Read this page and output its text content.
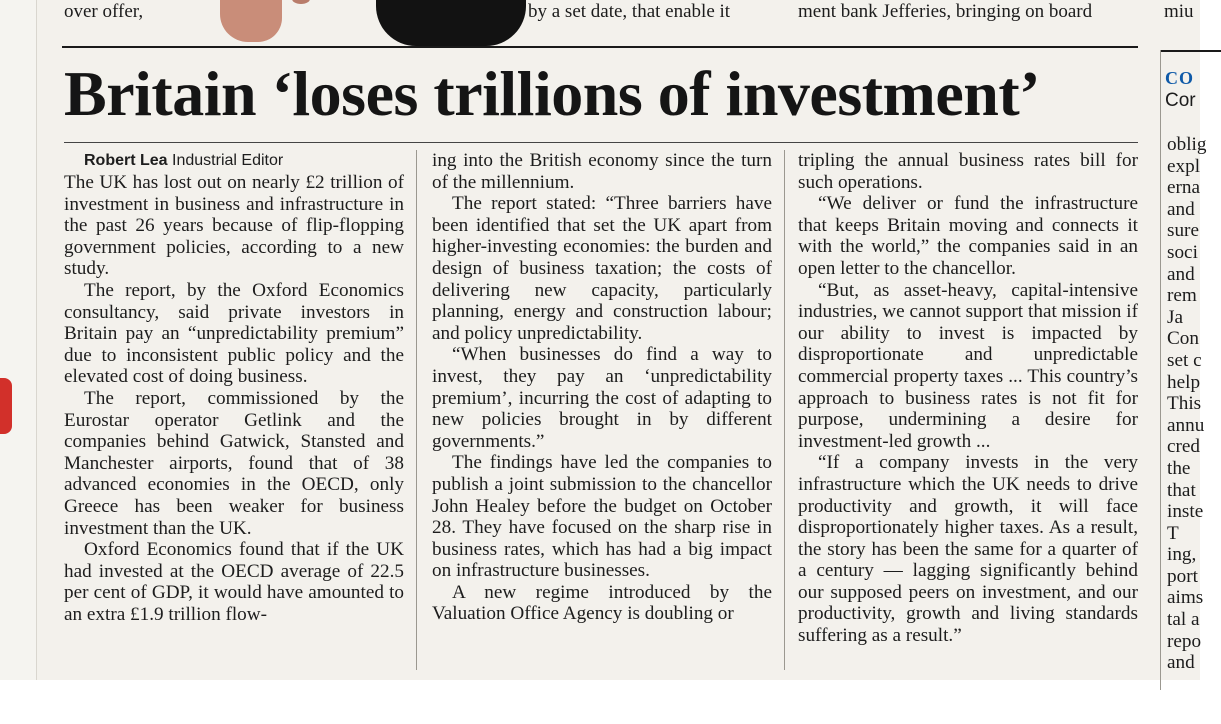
over offer,	by a set date, that enable it	ment bank Jefferies, bringing on board	miu
Britain ‘loses trillions of investment’

Robert Lea Industrial Editor

The UK has lost out on nearly £2 trillion of investment in business and infrastructure in the past 26 years because of flip-flopping government policies, according to a new study.

The report, by the Oxford Economics consultancy, said private investors in Britain pay an “unpredictability premium” due to inconsistent public policy and the elevated cost of doing business.

The report, commissioned by the Eurostar operator Getlink and the companies behind Gatwick, Stansted and Manchester airports, found that of 38 advanced economies in the OECD, only Greece has been weaker for business investment than the UK.

Oxford Economics found that if the UK had invested at the OECD average of 22.5 per cent of GDP, it would have amounted to an extra £1.9 trillion flow-

ing into the British economy since the turn of the millennium.

The report stated: “Three barriers have been identified that set the UK apart from higher-investing economies: the burden and design of business taxation; the costs of delivering new capacity, particularly planning, energy and construction labour; and policy unpredictability.

“When businesses do find a way to invest, they pay an ‘unpredictability premium’, incurring the cost of adapting to new policies brought in by different governments.”

The findings have led the companies to publish a joint submission to the chancellor John Healey before the budget on October 28. They have focused on the sharp rise in business rates, which has had a big impact on infrastructure businesses.

A new regime introduced by the Valuation Office Agency is doubling or

tripling the annual business rates bill for such operations.

“We deliver or fund the infrastructure that keeps Britain moving and connects it with the world,” the companies said in an open letter to the chancellor.

“But, as asset-heavy, capital-intensive industries, we cannot support that mission if our ability to invest is impacted by disproportionate and unpredictable commercial property taxes ... This country’s approach to business rates is not fit for purpose, undermining a desire for investment-led growth ...

“If a company invests in the very infrastructure which the UK needs to drive productivity and growth, it will face disproportionately higher taxes. As a result, the story has been the same for a quarter of a century — lagging significantly behind our supposed peers on investment, and our productivity, growth and living standards suffering as a result.”

CO
Cor
oblig
expl
erna
and
sure
soci
and
rem
Ja
Con
set c
help
This
annu
cred
the
that
inste
T
ing,
port
aims
tal a
repo
and
